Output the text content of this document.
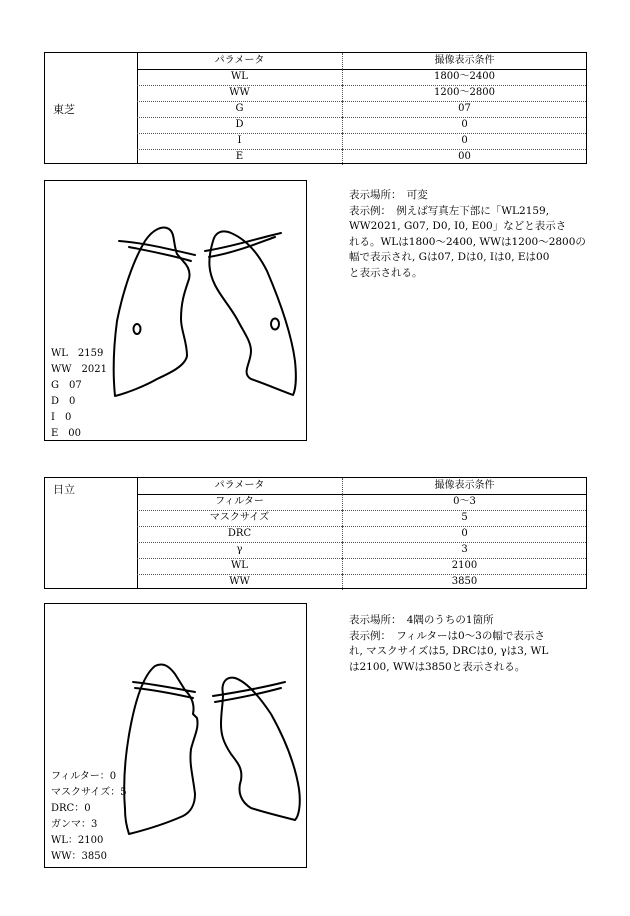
東芝
パラメータ	撮像表示条件
WL	1800～2400
WW	1200～2800
G	07
D	0
I	0
E	00
WL　2159
WW　2021
G　07
D　0
I　0
E　00
表示場所：　可変
表示例：　例えば写真左下部に「WL2159,
WW2021, G07, D0, I0, E00」などと表示さ
れる。WLは1800～2400, WWは1200～2800の
幅で表示され, Gは07, Dは0, Iは0, Eは00
と表示される。
日立	パラメータ	撮像表示条件
フィルター	0～3
マスクサイズ	5
DRC	0
γ	3
WL	2100
WW	3850
フィルター：0
マスクサイズ：5
DRC：0
ガンマ：3
WL：2100
WW：3850
表示場所：　4隅のうちの1箇所
表示例：　フィルターは0～3の幅で表示さ
れ, マスクサイズは5, DRCは0, γは3, WL
は2100, WWは3850と表示される。
